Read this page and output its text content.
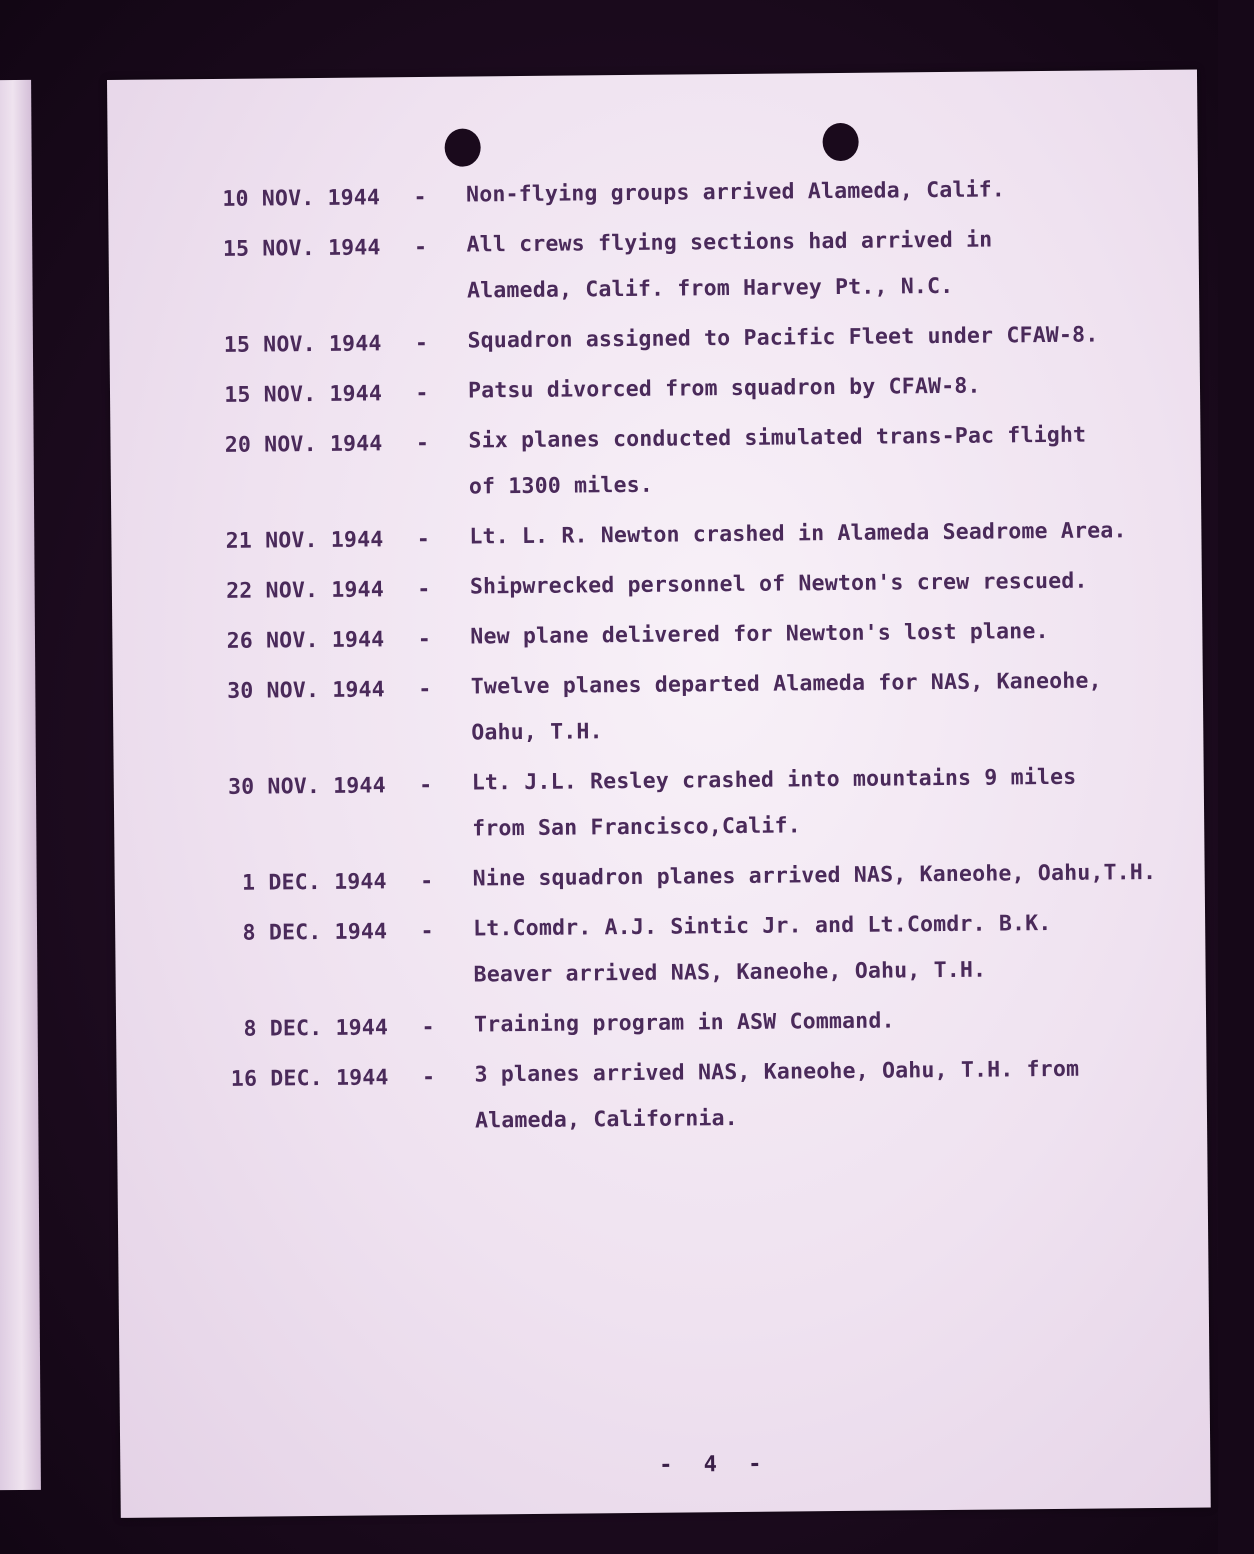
10 NOV. 1944	-	Non-flying groups arrived Alameda, Calif.
15 NOV. 1944	-	All crews flying sections had arrived in
Alameda, Calif. from Harvey Pt., N.C.
15 NOV. 1944	-	Squadron assigned to Pacific Fleet under CFAW-8.
15 NOV. 1944	-	Patsu divorced from squadron by CFAW-8.
20 NOV. 1944	-	Six planes conducted simulated trans-Pac flight
of 1300 miles.
21 NOV. 1944	-	Lt. L. R. Newton crashed in Alameda Seadrome Area.
22 NOV. 1944	-	Shipwrecked personnel of Newton's crew rescued.
26 NOV. 1944	-	New plane delivered for Newton's lost plane.
30 NOV. 1944	-	Twelve planes departed Alameda for NAS, Kaneohe,
Oahu, T.H.
30 NOV. 1944	-	Lt. J.L. Resley crashed into mountains 9 miles
from San Francisco,Calif.
1 DEC. 1944	-	Nine squadron planes arrived NAS, Kaneohe, Oahu,T.H.
8 DEC. 1944	-	Lt.Comdr. A.J. Sintic Jr. and Lt.Comdr. B.K.
Beaver arrived NAS, Kaneohe, Oahu, T.H.
8 DEC. 1944	-	Training program in ASW Command.
16 DEC. 1944	-	3 planes arrived NAS, Kaneohe, Oahu, T.H. from
Alameda, California.
- 4 -
